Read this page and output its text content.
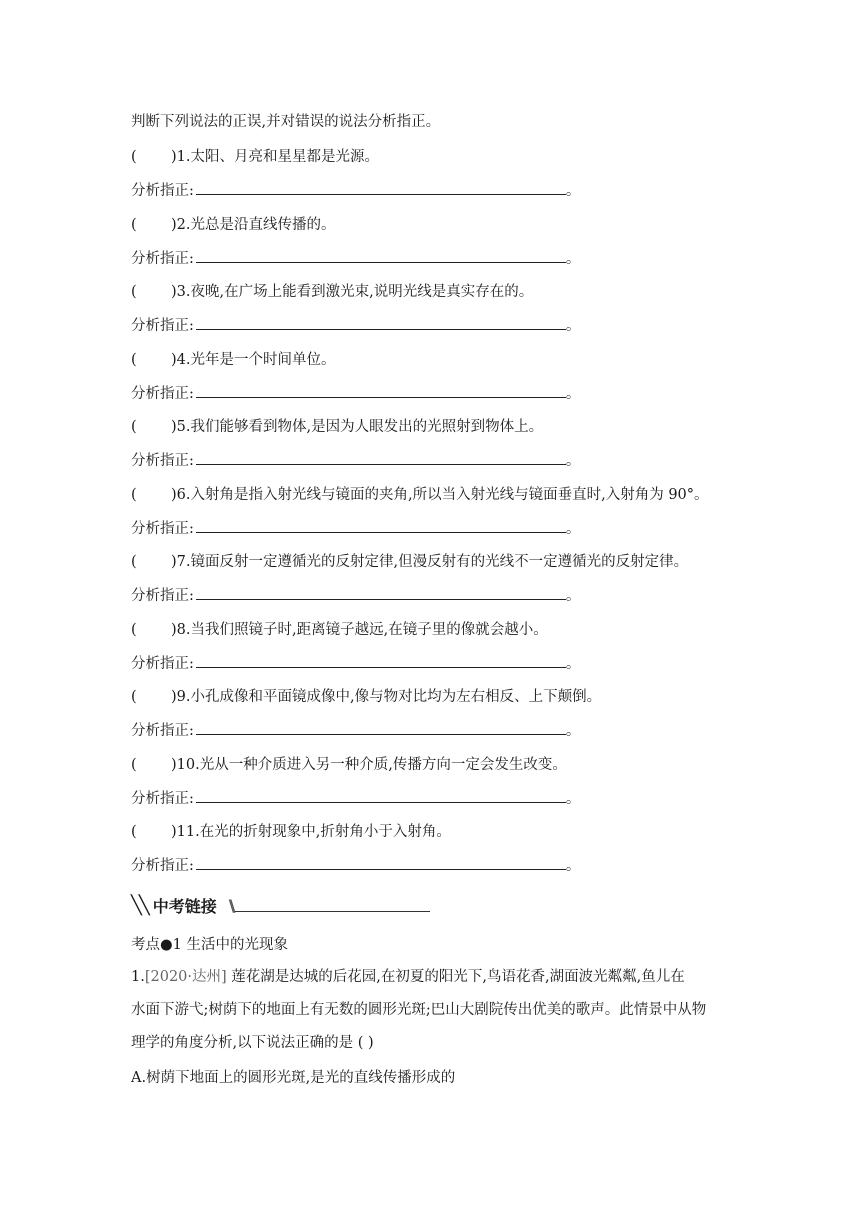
判断下列说法的正误,并对错误的说法分析指正。
( )1.太阳、月亮和星星都是光源。
分析指正:	。
( )2.光总是沿直线传播的。
分析指正:	。
( )3.夜晚,在广场上能看到激光束,说明光线是真实存在的。
分析指正:	。
( )4.光年是一个时间单位。
分析指正:	。
( )5.我们能够看到物体,是因为人眼发出的光照射到物体上。
分析指正:	。
( )6.入射角是指入射光线与镜面的夹角,所以当入射光线与镜面垂直时,入射角为 90°。
分析指正:	。
( )7.镜面反射一定遵循光的反射定律,但漫反射有的光线不一定遵循光的反射定律。
分析指正:	。
( )8.当我们照镜子时,距离镜子越远,在镜子里的像就会越小。
分析指正:	。
( )9.小孔成像和平面镜成像中,像与物对比均为左右相反、上下颠倒。
分析指正:	。
( )10.光从一种介质进入另一种介质,传播方向一定会发生改变。
分析指正:	。
( )11.在光的折射现象中,折射角小于入射角。
分析指正:	。
╲╲ 中考链接 \\
考点●1 生活中的光现象
1.[2020·达州] 莲花湖是达城的后花园,在初夏的阳光下,鸟语花香,湖面波光粼粼,鱼儿在
水面下游弋;树荫下的地面上有无数的圆形光斑;巴山大剧院传出优美的歌声。此情景中从物
理学的角度分析,以下说法正确的是 ( )
A.树荫下地面上的圆形光斑,是光的直线传播形成的
